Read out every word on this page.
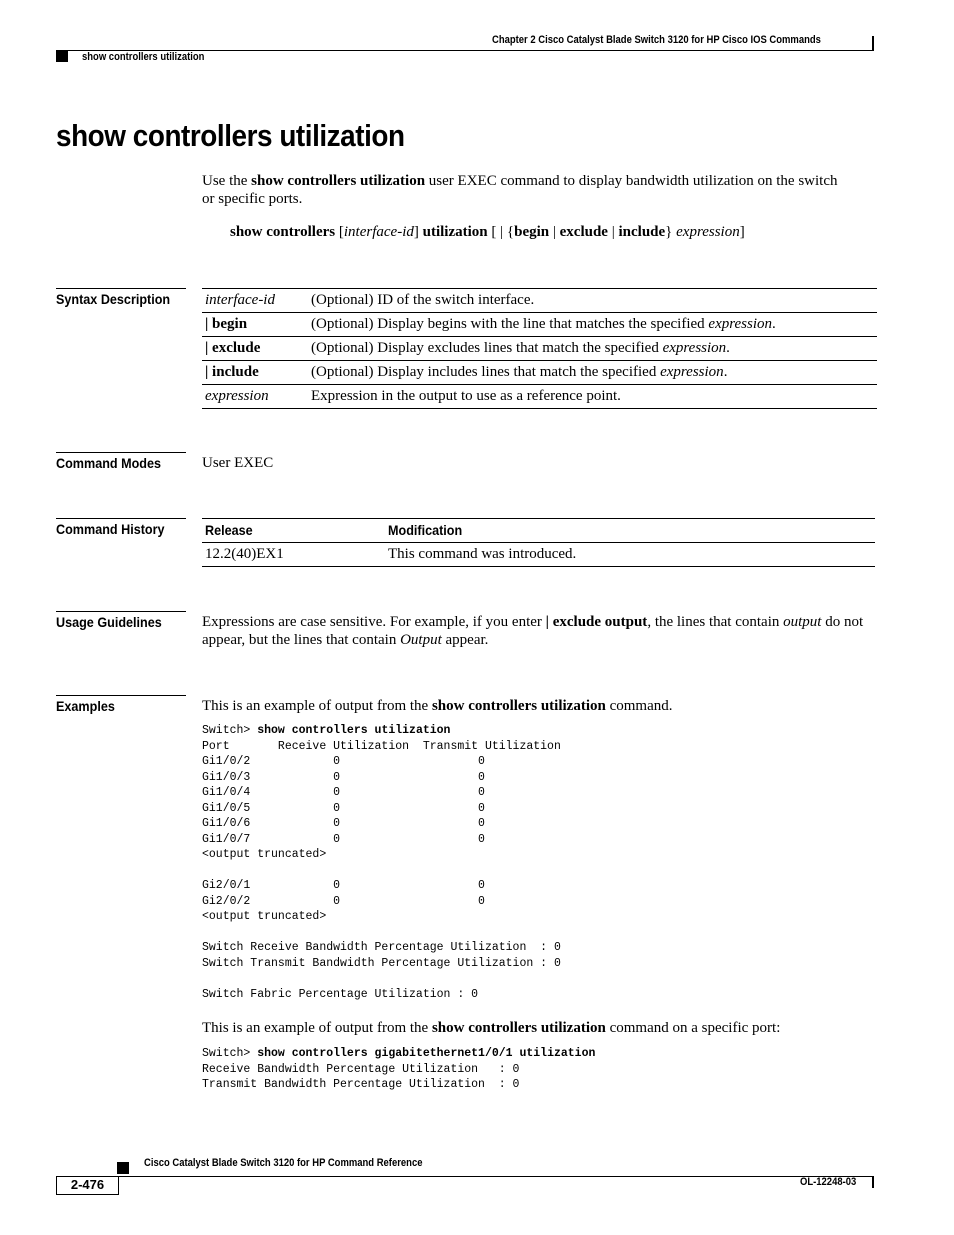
Chapter 2 Cisco Catalyst Blade Switch 3120 for HP Cisco IOS Commands
show controllers utilization
show controllers utilization
Use the show controllers utilization user EXEC command to display bandwidth utilization on the switch or specific ports.
show controllers [interface-id] utilization [ | {begin | exclude | include} expression]
Syntax Description	interface-id	(Optional) ID of the switch interface.
| begin	(Optional) Display begins with the line that matches the specified expression.
| exclude	(Optional) Display excludes lines that match the specified expression.
| include	(Optional) Display includes lines that match the specified expression.
expression	Expression in the output to use as a reference point.
Command Modes	User EXEC
Command History	Release	Modification
12.2(40)EX1	This command was introduced.
Usage Guidelines	Expressions are case sensitive. For example, if you enter | exclude output, the lines that contain output do not appear, but the lines that contain Output appear.
Examples	This is an example of output from the show controllers utilization command.
Switch> show controllers utilization
Port       Receive Utilization  Transmit Utilization
Gi1/0/2            0                    0
Gi1/0/3            0                    0
Gi1/0/4            0                    0
Gi1/0/5            0                    0
Gi1/0/6            0                    0
Gi1/0/7            0                    0
<output truncated>

Gi2/0/1            0                    0
Gi2/0/2            0                    0
<output truncated>

Switch Receive Bandwidth Percentage Utilization  : 0
Switch Transmit Bandwidth Percentage Utilization : 0

Switch Fabric Percentage Utilization : 0
This is an example of output from the show controllers utilization command on a specific port:
Switch> show controllers gigabitethernet1/0/1 utilization
Receive Bandwidth Percentage Utilization   : 0
Transmit Bandwidth Percentage Utilization  : 0
Cisco Catalyst Blade Switch 3120 for HP Command Reference
2-476	OL-12248-03
